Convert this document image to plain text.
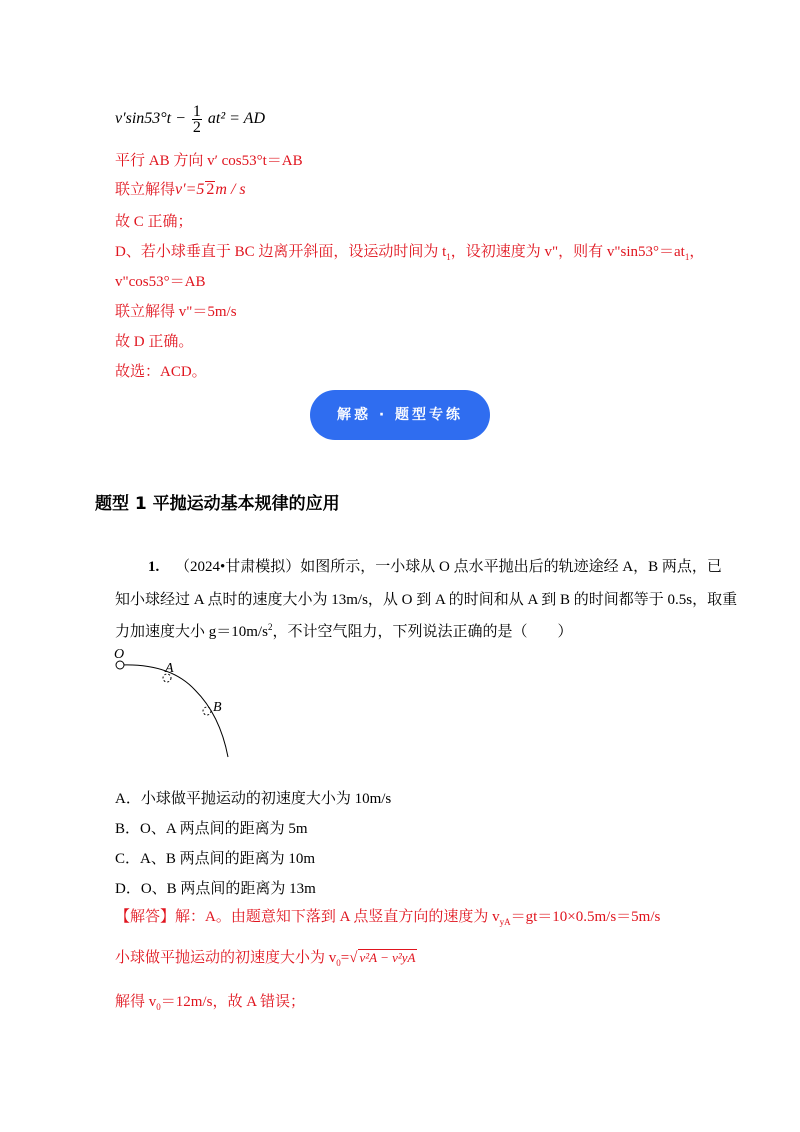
$v'\sin 53^\circ t - \frac{1}{2} at^2$ = AD
平行 AB 方向 v′ cos53°t＝AB
联立解得v′=5 2m / s
故 C 正确；
D、若小球垂直于 BC 边离开斜面，设运动时间为 $t_1$，设初速度为 v"，则有 $v"\sin 53^\circ=at_1$，
v"cos53°＝AB
联立解得 v"＝5m/s
故 D 正确。
故选：ACD。
解惑 · 题型专练
题型 1 平抛运动基本规律的应用
1. （2024•甘肃模拟）如图所示，一小球从 O 点水平抛出后的轨迹途经 A，B 两点，已
知小球经过 A 点时的速度大小为 13m/s，从 O 到 A 的时间和从 A 到 B 的时间都等于 0.5s，取重
力加速度大小 $g=10m/s^2$，不计空气阻力，下列说法正确的是（　　）
O
A
B
A．小球做平抛运动的初速度大小为 10m/s
B．O、A 两点间的距离为 5m
C．A、B 两点间的距离为 10m
D．O、B 两点间的距离为 13m
【解答】解：A。由题意知下落到 A 点竖直方向的速度为 $v_{yA}=gt=10\times 0.5m/s=5m/s$
小球做平抛运动的初速度大小为 $v_0=√$ v²A − v²yA
解得 $v_0=12m/s$，故 A 错误；
